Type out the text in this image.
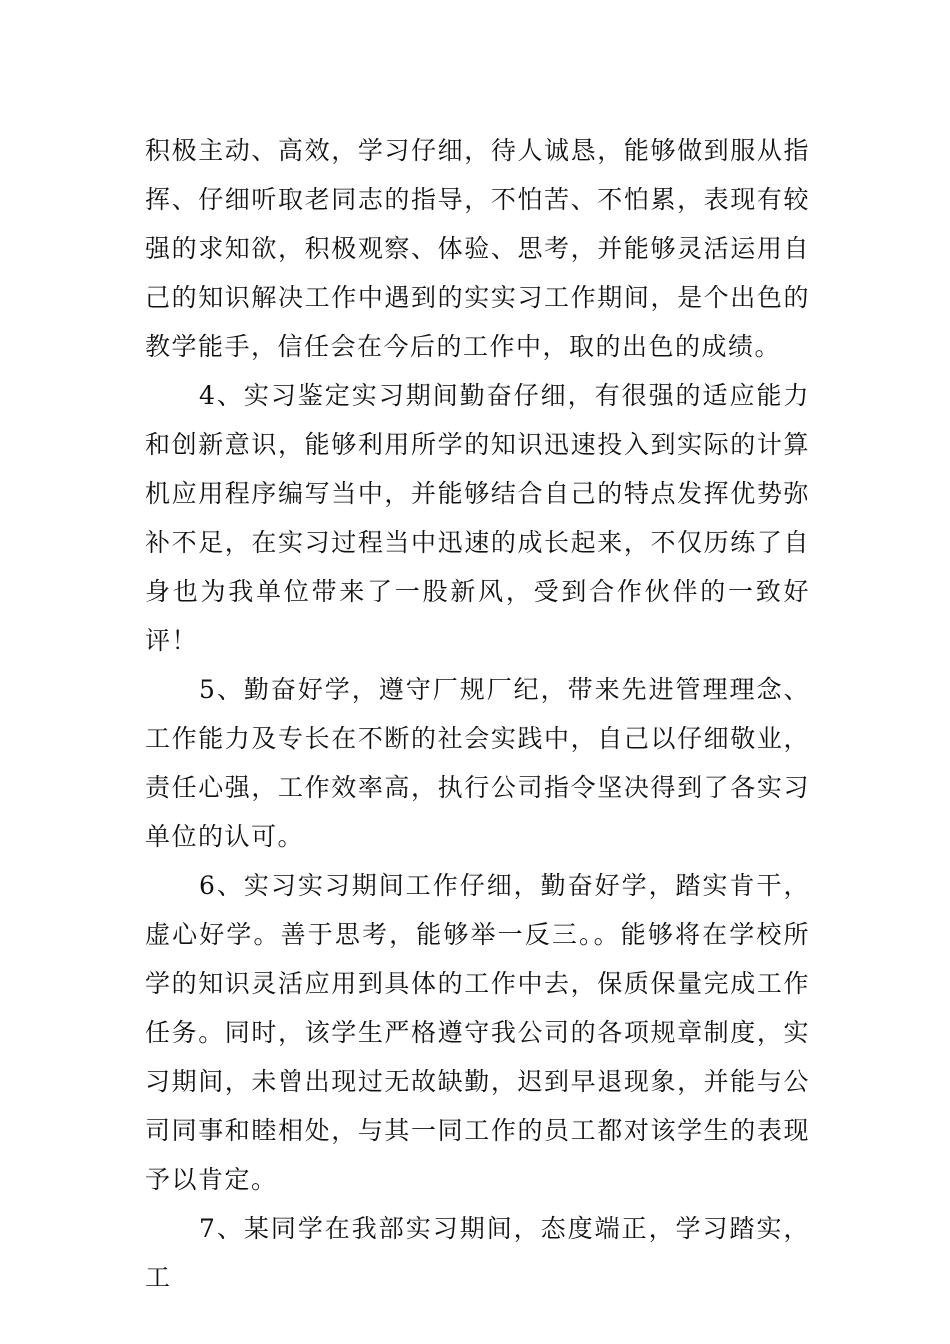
积极主动、高效，学习仔细，待人诚恳，能够做到服从指挥、仔细听取老同志的指导，不怕苦、不怕累，表现有较强的求知欲，积极观察、体验、思考，并能够灵活运用自己的知识解决工作中遇到的实实习工作期间，是个出色的教学能手，信任会在今后的工作中，取的出色的成绩。

4、实习鉴定实习期间勤奋仔细，有很强的适应能力和创新意识，能够利用所学的知识迅速投入到实际的计算机应用程序编写当中，并能够结合自己的特点发挥优势弥补不足，在实习过程当中迅速的成长起来，不仅历练了自身也为我单位带来了一股新风，受到合作伙伴的一致好评！

5、勤奋好学，遵守厂规厂纪，带来先进管理理念、工作能力及专长在不断的社会实践中，自己以仔细敬业，责任心强，工作效率高，执行公司指令坚决得到了各实习单位的认可。

6、实习实习期间工作仔细，勤奋好学，踏实肯干，虚心好学。善于思考，能够举一反三。。能够将在学校所学的知识灵活应用到具体的工作中去，保质保量完成工作任务。同时，该学生严格遵守我公司的各项规章制度，实习期间，未曾出现过无故缺勤，迟到早退现象，并能与公司同事和睦相处，与其一同工作的员工都对该学生的表现予以肯定。

7、某同学在我部实习期间，态度端正，学习踏实，工
